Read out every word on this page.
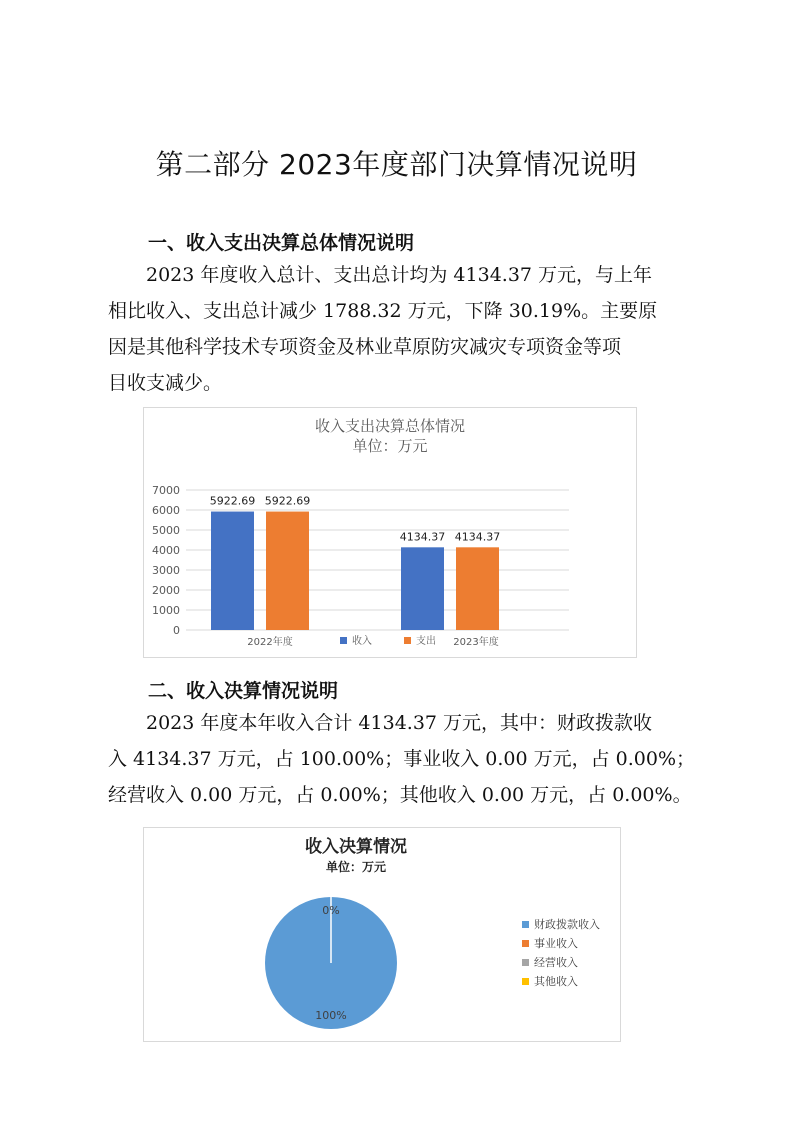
第二部分 2023年度部门决算情况说明
一、收入支出决算总体情况说明

　　2023 年度收入总计、支出总计均为 4134.37 万元，与上年
相比收入、支出总计减少 1788.32 万元，下降 30.19%。主要原
因是其他科学技术专项资金及林业草原防灾减灾专项资金等项
目收支减少。

收入支出决算总体情况
单位：万元
0
1000
2000
3000
4000
5000
6000
7000
5922.69 5922.69
2022年度
4134.37 4134.37
2023年度
收入	支出
二、收入决算情况说明

　　2023 年度本年收入合计 4134.37 万元，其中：财政拨款收
入 4134.37 万元，占 100.00%；事业收入 0.00 万元，占 0.00%；
经营收入 0.00 万元，占 0.00%；其他收入 0.00 万元，占 0.00%。

收入决算情况
单位：万元
0%
100%
财政拨款收入
事业收入
经营收入
其他收入
